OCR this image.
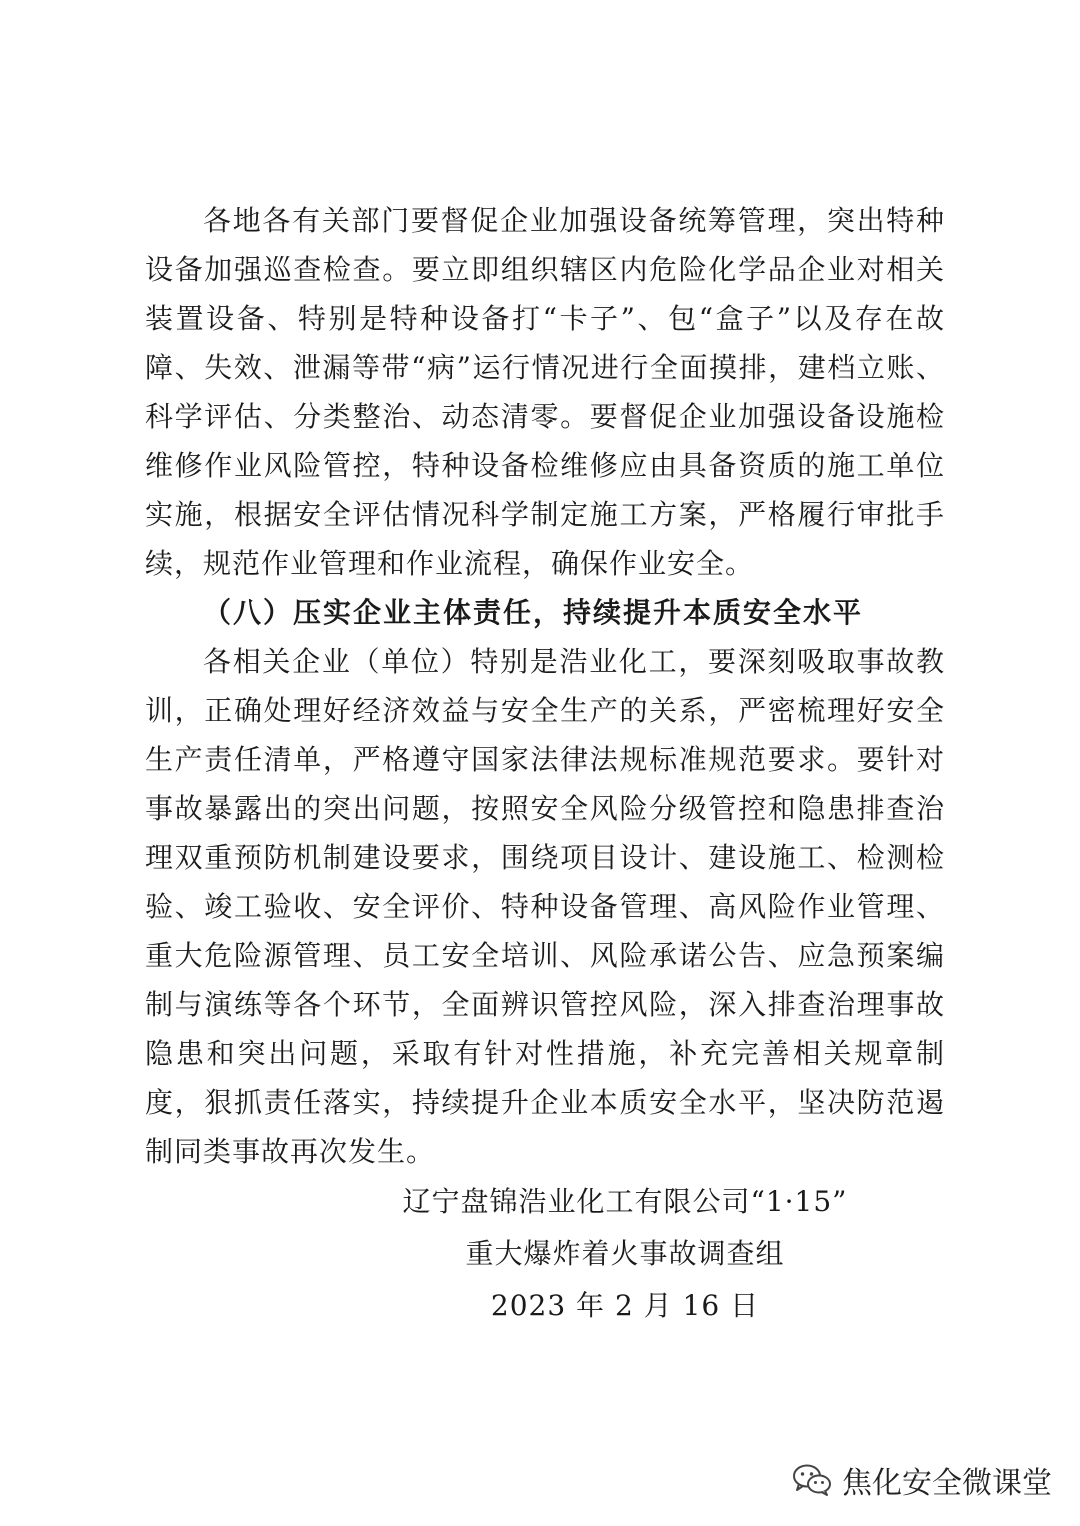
各地各有关部门要督促企业加强设备统筹管理，突出特种设备加强巡查检查。要立即组织辖区内危险化学品企业对相关装置设备、特别是特种设备打“卡子”、包“盒子”以及存在故障、失效、泄漏等带“病”运行情况进行全面摸排，建档立账、科学评估、分类整治、动态清零。要督促企业加强设备设施检维修作业风险管控，特种设备检维修应由具备资质的施工单位实施，根据安全评估情况科学制定施工方案，严格履行审批手续，规范作业管理和作业流程，确保作业安全。

（八）压实企业主体责任，持续提升本质安全水平

各相关企业（单位）特别是浩业化工，要深刻吸取事故教训，正确处理好经济效益与安全生产的关系，严密梳理好安全生产责任清单，严格遵守国家法律法规标准规范要求。要针对事故暴露出的突出问题，按照安全风险分级管控和隐患排查治理双重预防机制建设要求，围绕项目设计、建设施工、检测检验、竣工验收、安全评价、特种设备管理、高风险作业管理、重大危险源管理、员工安全培训、风险承诺公告、应急预案编制与演练等各个环节，全面辨识管控风险，深入排查治理事故隐患和突出问题，采取有针对性措施，补充完善相关规章制度，狠抓责任落实，持续提升企业本质安全水平，坚决防范遏制同类事故再次发生。

辽宁盘锦浩业化工有限公司“1·15”
重大爆炸着火事故调查组
2023 年 2 月 16 日
焦化安全微课堂
